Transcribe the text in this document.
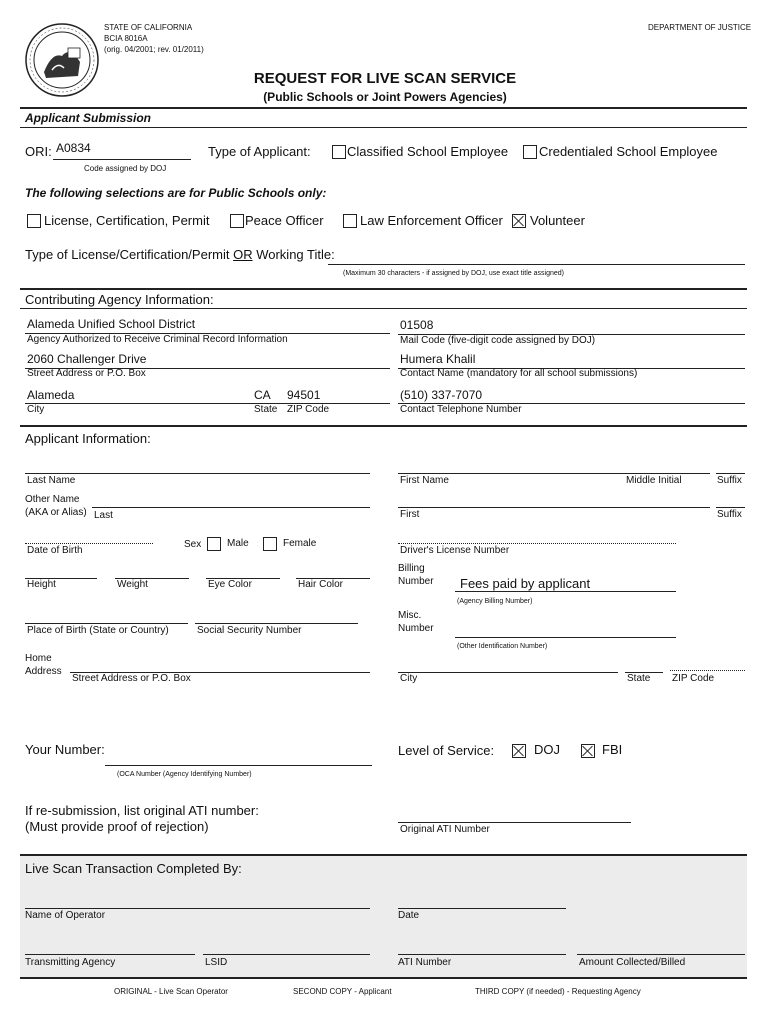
STATE OF CALIFORNIA
BCIA 8016A
(orig. 04/2001; rev. 01/2011)
DEPARTMENT OF JUSTICE
REQUEST FOR LIVE SCAN SERVICE
(Public Schools or Joint Powers Agencies)
Applicant Submission
ORI: A0834
Code assigned by DOJ
Type of Applicant:	Classified School Employee Credentialed School Employee
The following selections are for Public Schools only:
License, Certification, Permit	Peace Officer	Law Enforcement Officer Volunteer
Type of License/Certification/Permit OR Working Title:
(Maximum 30 characters - if assigned by DOJ, use exact title assigned)
Contributing Agency Information:
Alameda Unified School District
Agency Authorized to Receive Criminal Record Information
01508
Mail Code (five-digit code assigned by DOJ)
2060 Challenger Drive
Street Address or P.O. Box
Humera Khalil
Contact Name (mandatory for all school submissions)
Alameda	CA 94501
City	State ZIP Code
(510) 337-7070
Contact Telephone Number
Applicant Information:
Last Name	First Name	Middle Initial	Suffix
Other Name
(AKA or Alias) Last	First	Suffix
Date of Birth
Sex	Male	Female
Driver's License Number
Height	Weight	Eye Color	Hair Color
Billing
Number Fees paid by applicant
(Agency Billing Number)
Place of Birth (State or Country)	Social Security Number
Misc.
Number
(Other Identification Number)
Home
Address
Street Address or P.O. Box	City	State ZIP Code
Your Number:
(OCA Number (Agency Identifying Number)
Level of Service:	DOJ	FBI
If re-submission, list original ATI number:
(Must provide proof of rejection)	Original ATI Number
Live Scan Transaction Completed By:
Name of Operator	Date
Transmitting Agency	LSID	ATI Number	Amount Collected/Billed
ORIGINAL - Live Scan Operator	SECOND COPY - Applicant	THIRD COPY (if needed) - Requesting Agency
